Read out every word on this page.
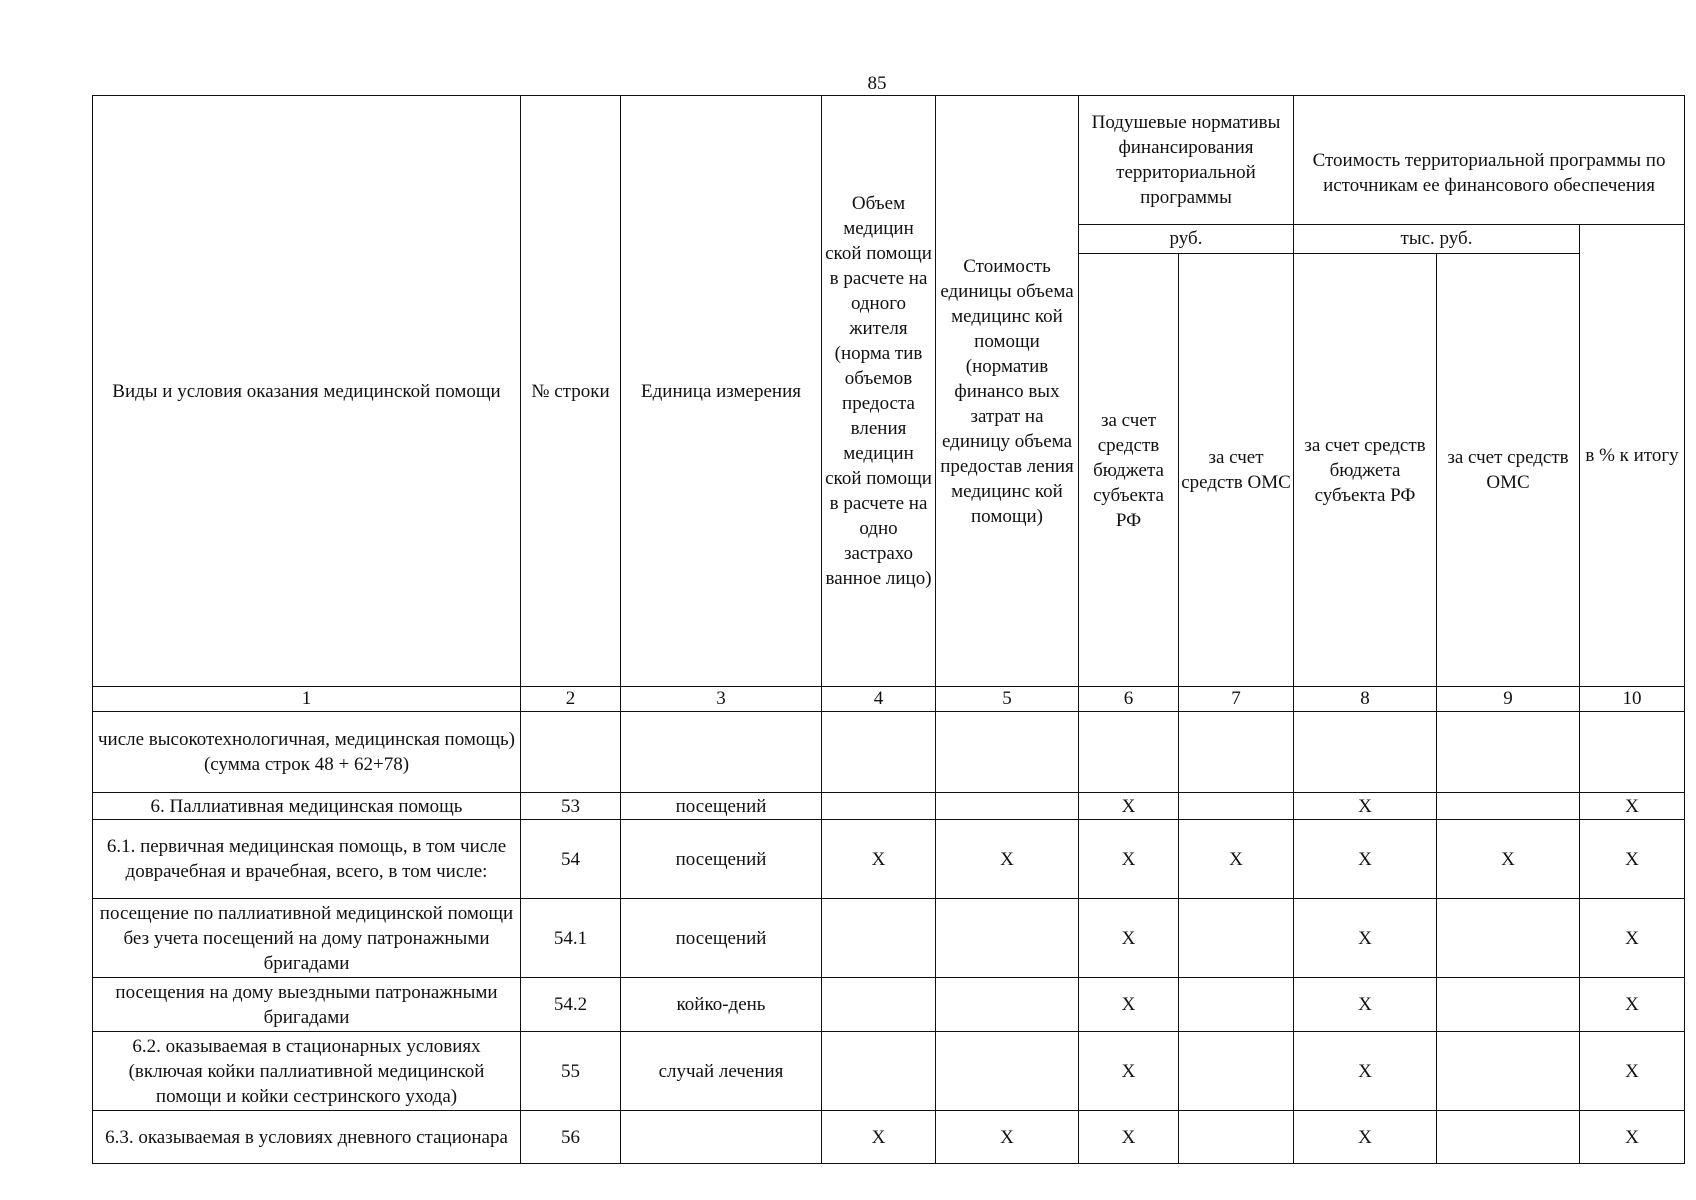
85
Виды и условия оказания медицинской помощи	№ строки	Единица измерения	Объем медицин ской помощи в расчете на одного жителя (норма тив объемов предоста вления медицин ской помощи в расчете на одно застрахо ванное лицо)	Стоимость единицы объема медицинс кой помощи (норматив финансо вых затрат на единицу объема предостав ления медицинс кой помощи)	Подушевые нормативы финансирования территориальной программы		Стоимость территориальной программы по источникам ее финансового обеспечения		
					руб.		тыс. руб.		в % к итогу
					за счет средств бюджета субъекта РФ	за счет средств ОМС	за счет средств бюджета субъекта РФ	за счет средств ОМС	
1	2	3	4	5	6	7	8	9	10
числе высокотехнологичная, медицинская помощь) (сумма строк 48 + 62+78)									
6. Паллиативная медицинская помощь	53	посещений			Х		Х		Х
6.1. первичная медицинская помощь, в том числе доврачебная и врачебная, всего, в том числе:	54	посещений	Х	Х	Х	Х	Х	Х	Х
посещение по паллиативной медицинской помощи без учета посещений на дому патронажными бригадами	54.1	посещений			Х		Х		Х
посещения на дому выездными патронажными бригадами	54.2	койко-день			Х		Х		Х
6.2. оказываемая в стационарных условиях (включая койки паллиативной медицинской помощи и койки сестринского ухода)	55	случай лечения			Х		Х		Х
6.3. оказываемая в условиях дневного стационара	56		Х	Х	Х		Х		Х
